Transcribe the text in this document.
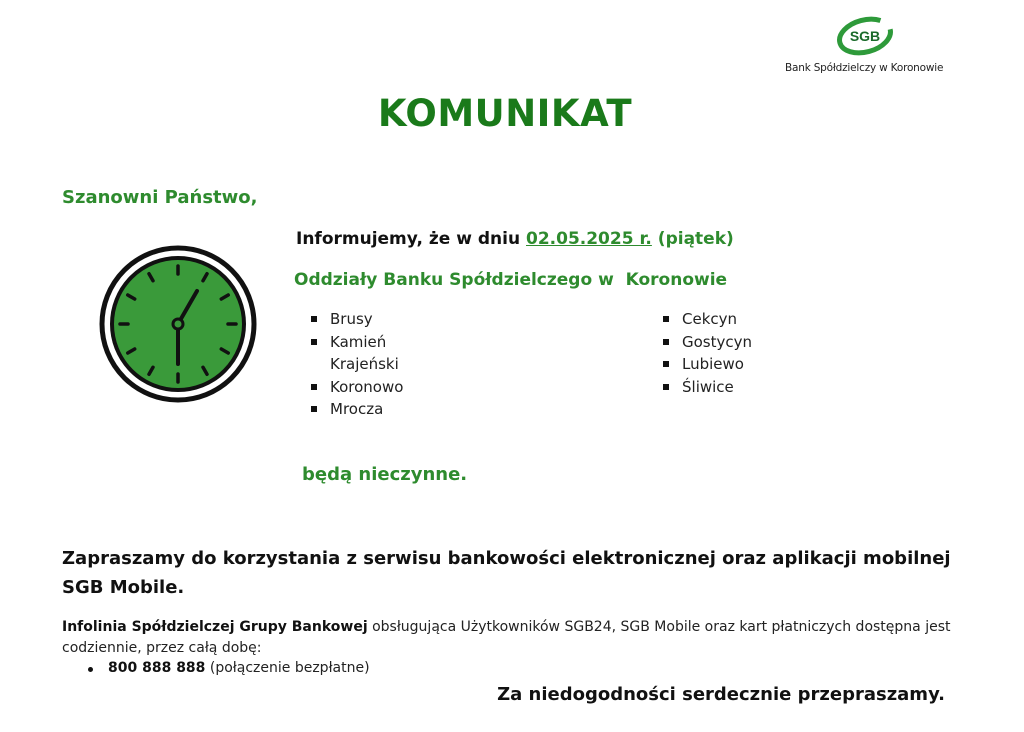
SGB
Bank Spółdzielczy w Koronowie
KOMUNIKAT
Szanowni Państwo,
Informujemy, że w dniu 02.05.2025 r. (piątek)
Oddziały Banku Spółdzielczego w  Koronowie
Brusy
Kamień Krajeński
Koronowo
Mrocza
Cekcyn
Gostycyn
Lubiewo
Śliwice
będą nieczynne.
Zapraszamy do korzystania z serwisu bankowości elektronicznej oraz aplikacji mobilnej SGB Mobile.
Infolinia Spółdzielczej Grupy Bankowej obsługująca Użytkowników SGB24, SGB Mobile oraz kart płatniczych dostępna jest codziennie, przez całą dobę:
800 888 888 (połączenie bezpłatne)
Za niedogodności serdecznie przepraszamy.
